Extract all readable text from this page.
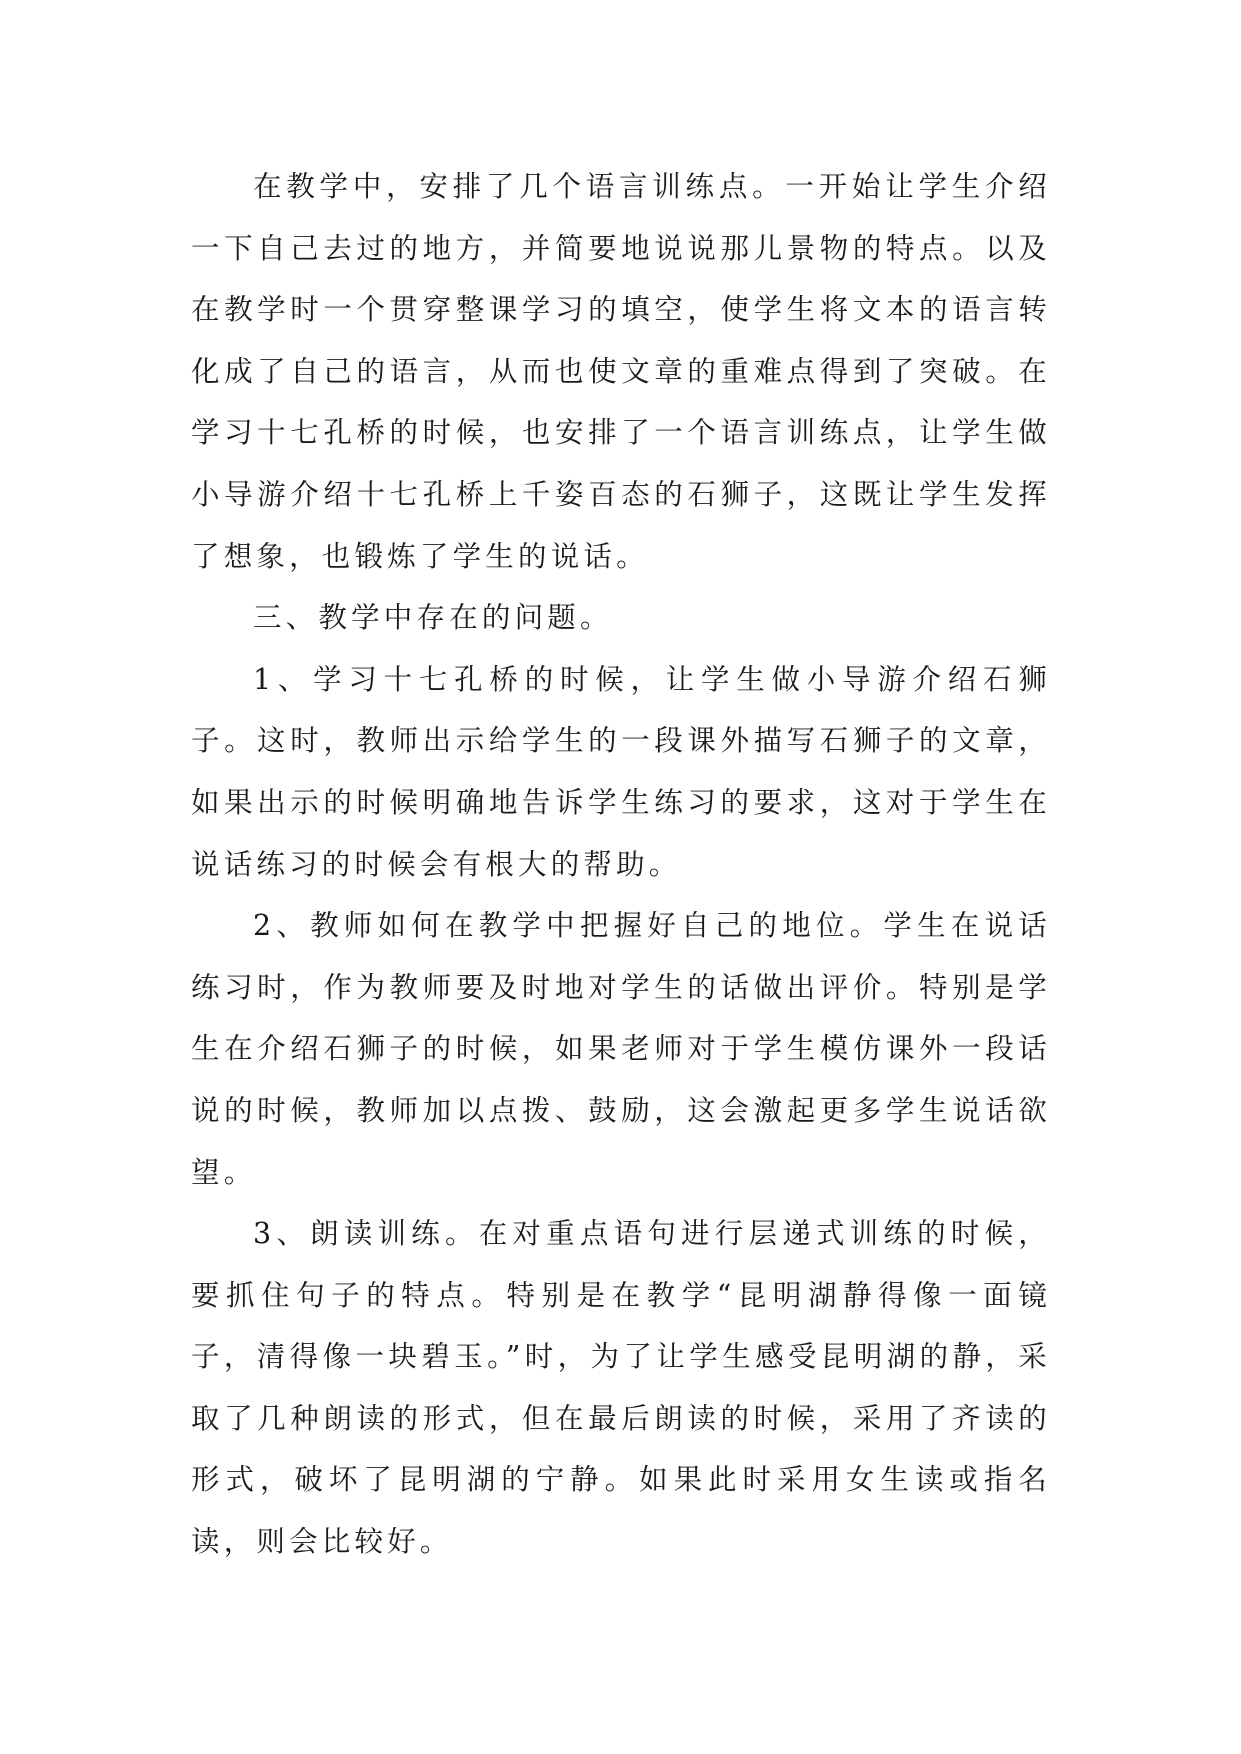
在教学中，安排了几个语言训练点。一开始让学生介绍一下自己去过的地方，并简要地说说那儿景物的特点。以及在教学时一个贯穿整课学习的填空，使学生将文本的语言转化成了自己的语言，从而也使文章的重难点得到了突破。在学习十七孔桥的时候，也安排了一个语言训练点，让学生做小导游介绍十七孔桥上千姿百态的石狮子，这既让学生发挥了想象，也锻炼了学生的说话。

三、教学中存在的问题。

1、学习十七孔桥的时候，让学生做小导游介绍石狮子。这时，教师出示给学生的一段课外描写石狮子的文章，如果出示的时候明确地告诉学生练习的要求，这对于学生在说话练习的时候会有根大的帮助。

2、教师如何在教学中把握好自己的地位。学生在说话练习时，作为教师要及时地对学生的话做出评价。特别是学生在介绍石狮子的时候，如果老师对于学生模仿课外一段话说的时候，教师加以点拨、鼓励，这会激起更多学生说话欲望。

3、朗读训练。在对重点语句进行层递式训练的时候，要抓住句子的特点。特别是在教学“昆明湖静得像一面镜子，清得像一块碧玉。”时，为了让学生感受昆明湖的静，采取了几种朗读的形式，但在最后朗读的时候，采用了齐读的形式，破坏了昆明湖的宁静。如果此时采用女生读或指名读，则会比较好。
